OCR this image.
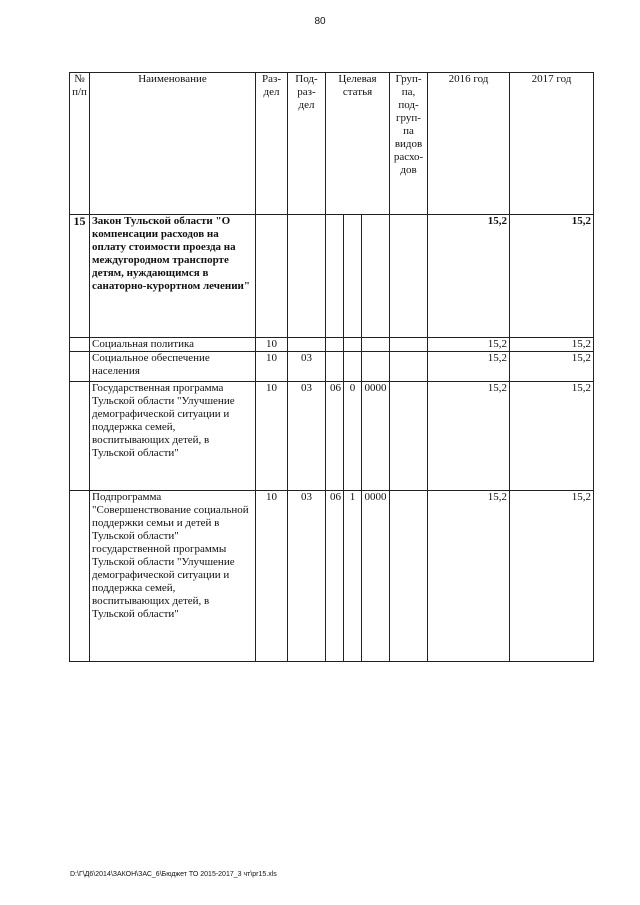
80
№ п/п	Наименование	Раз-дел	Под-раз-дел	Целевая статья			Груп-па, под-груп-па видов расхо-дов	2016 год	2017 год
15	Закон Тульской области "О компенсации расходов на оплату стоимости проезда на междугородном транспорте детям, нуждающимся в санаторно-курортном лечении"							15,2	15,2
	Социальная политика	10						15,2	15,2
	Социальное обеспечение населения	10	03					15,2	15,2
	Государственная программа Тульской области "Улучшение демографической ситуации и поддержка семей, воспитывающих детей, в Тульской области"	10	03	06	0	0000		15,2	15,2
	Подпрограмма "Совершенствование социальной поддержки семьи и детей в Тульской области" государственной программы Тульской области "Улучшение демографической ситуации и поддержка семей, воспитывающих детей, в Тульской области"	10	03	06	1	0000		15,2	15,2
D:\Г\Д6\2014\ЗАКОН\ЗАС_6\Бюджет ТО 2015-2017_3 чт\pr15.xls
